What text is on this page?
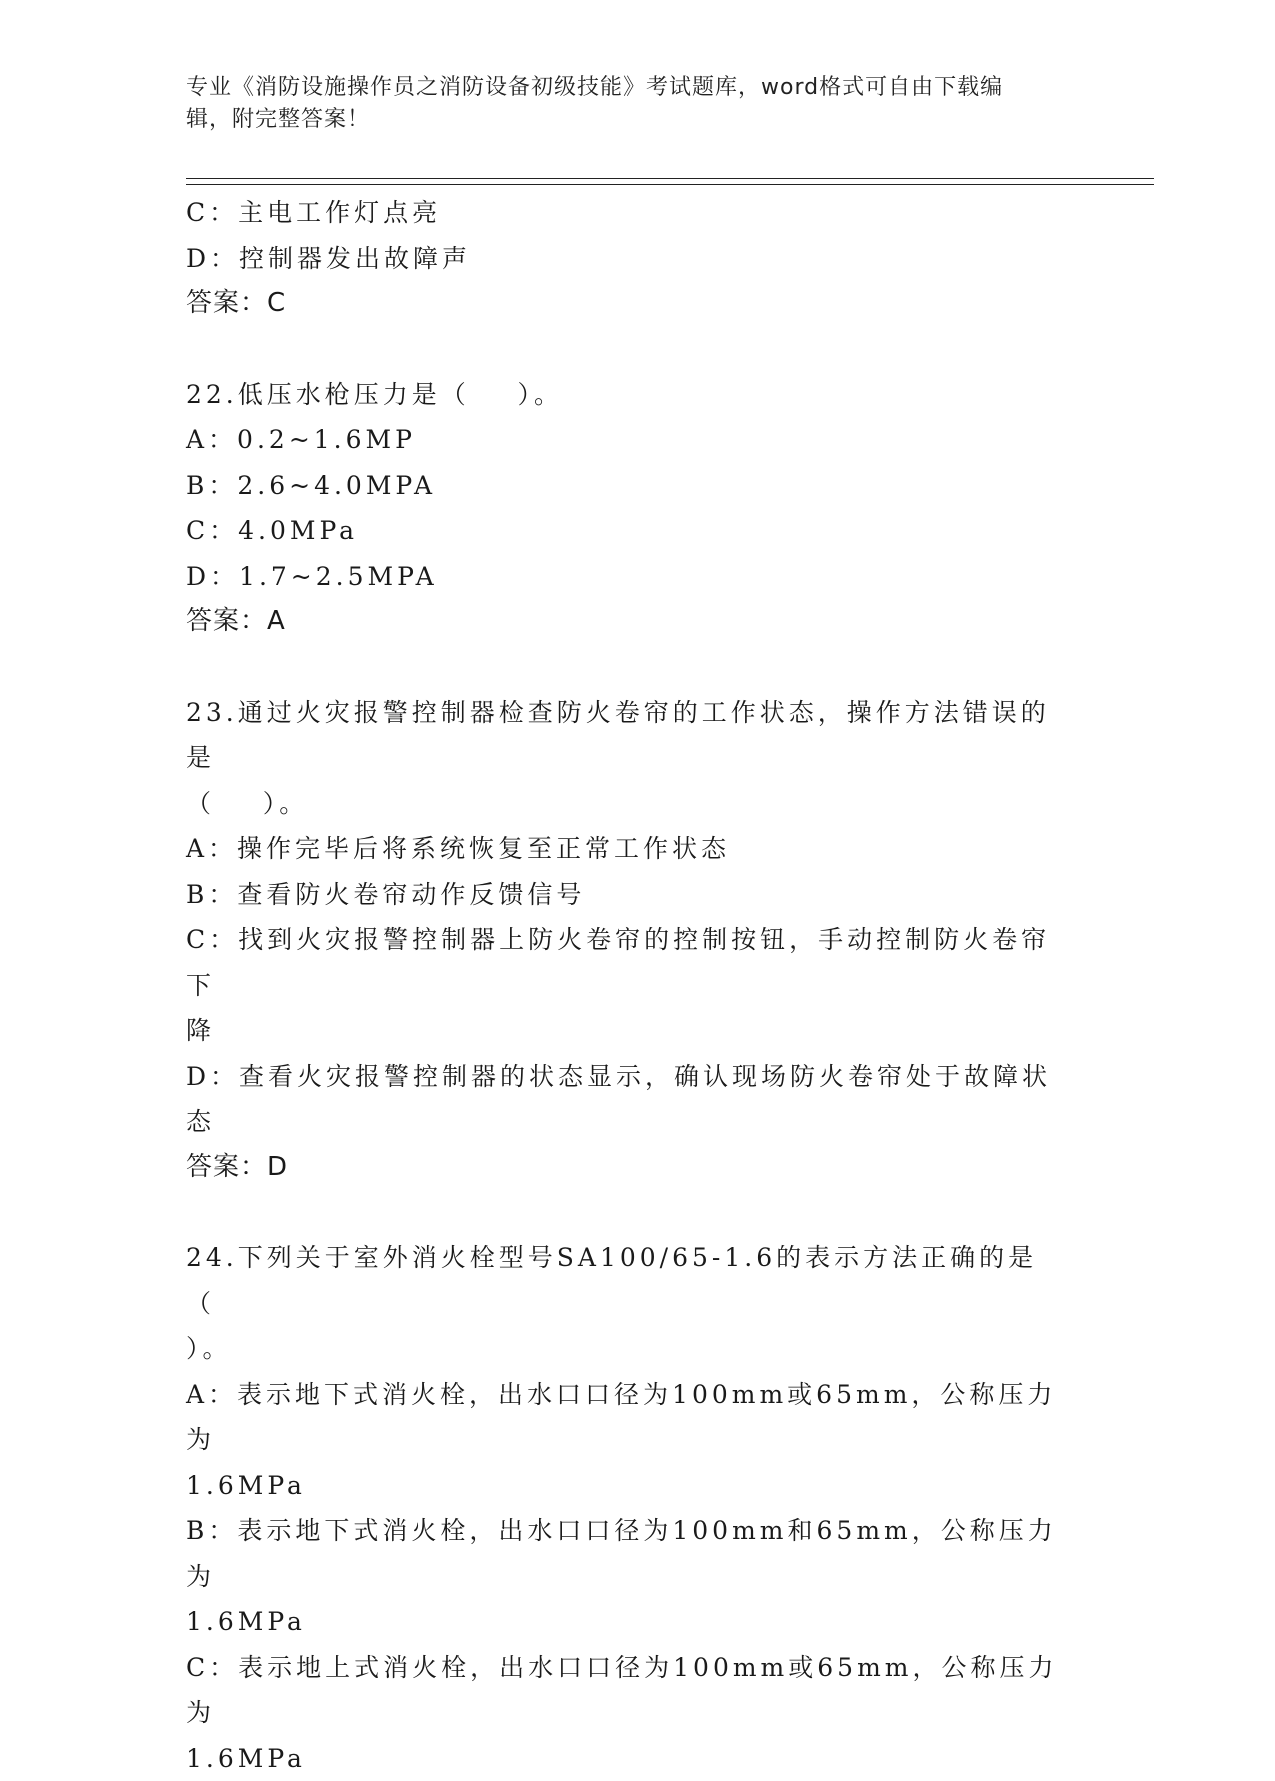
专业《消防设施操作员之消防设备初级技能》考试题库，word格式可自由下载编
辑，附完整答案！

C：主电工作灯点亮

D：控制器发出故障声

答案：C

22.低压水枪压力是（    ）。

A：0.2~1.6MP

B：2.6~4.0MPA

C：4.0MPa

D：1.7~2.5MPA

答案：A

23.通过火灾报警控制器检查防火卷帘的工作状态，操作方法错误的是

（    ）。

A：操作完毕后将系统恢复至正常工作状态

B：查看防火卷帘动作反馈信号

C：找到火灾报警控制器上防火卷帘的控制按钮，手动控制防火卷帘下

降

D：查看火灾报警控制器的状态显示，确认现场防火卷帘处于故障状态

答案：D

24.下列关于室外消火栓型号SA100/65-1.6的表示方法正确的是（

）。

A：表示地下式消火栓，出水口口径为100mm或65mm，公称压力为

1.6MPa

B：表示地下式消火栓，出水口口径为100mm和65mm，公称压力为

1.6MPa

C：表示地上式消火栓，出水口口径为100mm或65mm，公称压力为

1.6MPa
